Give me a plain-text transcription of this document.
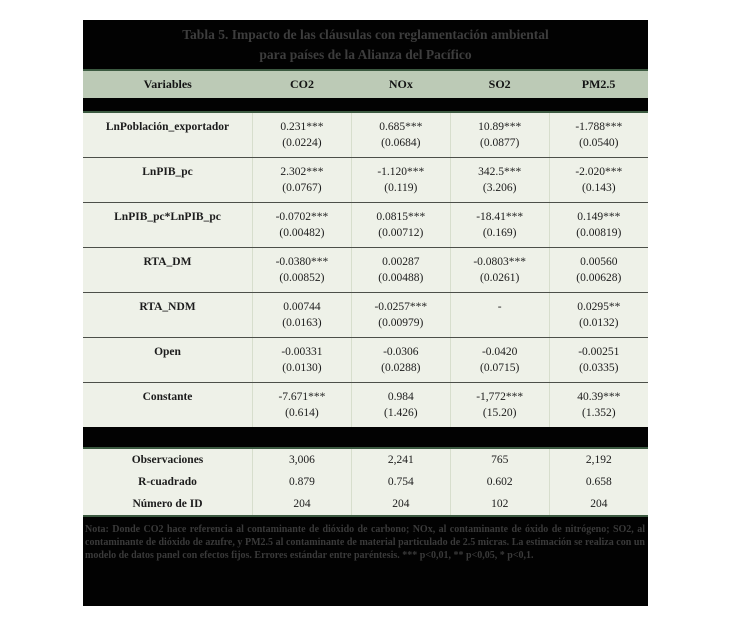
Tabla 5. Impacto de las cláusulas con reglamentación ambiental
para países de la Alianza del Pacífico
Variables	CO2	NOx	SO2	PM2.5

LnPoblación_exportador	0.231***	0.685***	10.89***	-1.788***
	(0.0224)	(0.0684)	(0.0877)	(0.0540)
LnPIB_pc	2.302***	-1.120***	342.5***	-2.020***
	(0.0767)	(0.119)	(3.206)	(0.143)
LnPIB_pc*LnPIB_pc	-0.0702***	0.0815***	-18.41***	0.149***
	(0.00482)	(0.00712)	(0.169)	(0.00819)
RTA_DM	-0.0380***	0.00287	-0.0803***	0.00560
	(0.00852)	(0.00488)	(0.0261)	(0.00628)
RTA_NDM	0.00744	-0.0257***	-	0.0295**
	(0.0163)	(0.00979)		(0.0132)
Open	-0.00331	-0.0306	-0.0420	-0.00251
	(0.0130)	(0.0288)	(0.0715)	(0.0335)
Constante	-7.671***	0.984	-1,772***	40.39***
	(0.614)	(1.426)	(15.20)	(1.352)

Observaciones	3,006	2,241	765	2,192
R-cuadrado	0.879	0.754	0.602	0.658
Número de ID	204	204	102	204
Nota: Donde CO2 hace referencia al contaminante de dióxido de carbono; NOx, al contaminante de óxido de nitrógeno; SO2, al contaminante de dióxido de azufre, y PM2.5 al contaminante de material particulado de 2.5 micras. La estimación se realiza con un modelo de datos panel con efectos fijos. Errores estándar entre paréntesis. *** p<0,01, ** p<0,05, * p<0,1.
